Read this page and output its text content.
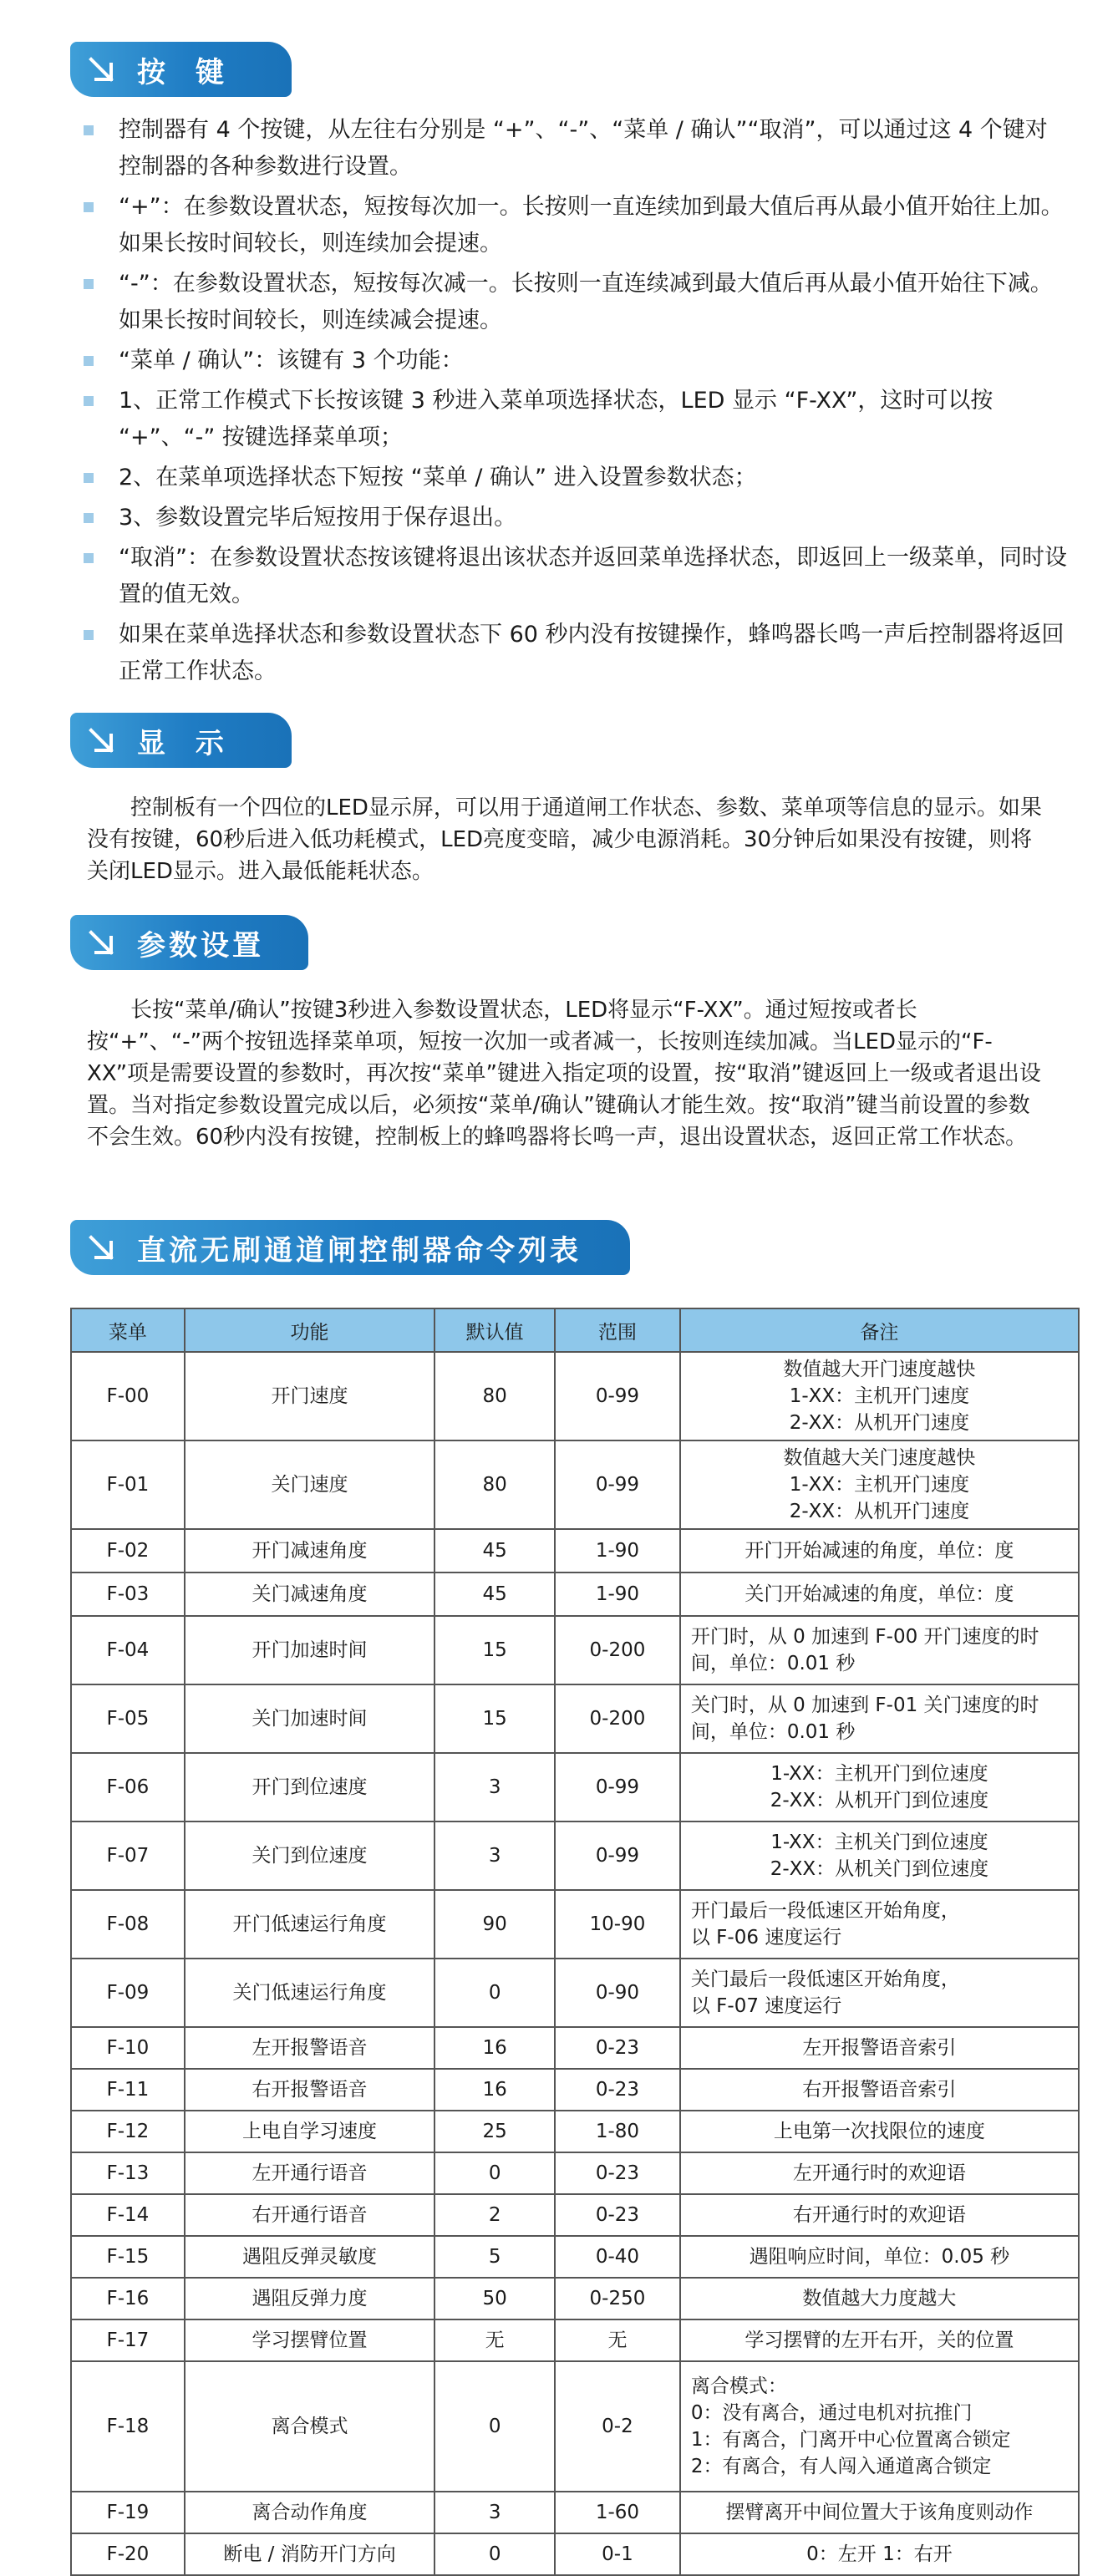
按 键
控制器有 4 个按键，从左往右分别是 “+”、“-”、“菜单 / 确认”“取消”，可以通过这 4 个键对控制器的各种参数进行设置。
“+”：在参数设置状态，短按每次加一。长按则一直连续加到最大值后再从最小值开始往上加。如果长按时间较长，则连续加会提速。
“-”：在参数设置状态，短按每次减一。长按则一直连续减到最大值后再从最小值开始往下减。如果长按时间较长，则连续减会提速。
“菜单 / 确认”：该键有 3 个功能：
1、正常工作模式下长按该键 3 秒进入菜单项选择状态，LED 显示 “F-XX”，这时可以按 “+”、“-” 按键选择菜单项；
2、在菜单项选择状态下短按 “菜单 / 确认” 进入设置参数状态；
3、参数设置完毕后短按用于保存退出。
“取消”：在参数设置状态按该键将退出该状态并返回菜单选择状态，即返回上一级菜单，同时设置的值无效。
如果在菜单选择状态和参数设置状态下 60 秒内没有按键操作，蜂鸣器长鸣一声后控制器将返回正常工作状态。
显 示

控制板有一个四位的LED显示屏，可以用于通道闸工作状态、参数、菜单项等信息的显示。如果没有按键，60秒后进入低功耗模式，LED亮度变暗，减少电源消耗。30分钟后如果没有按键，则将关闭LED显示。进入最低能耗状态。

参数设置

长按“菜单/确认”按键3秒进入参数设置状态，LED将显示“F-XX”。通过短按或者长按“+”、“-”两个按钮选择菜单项，短按一次加一或者减一，长按则连续加减。当LED显示的“F-XX”项是需要设置的参数时，再次按“菜单”键进入指定项的设置，按“取消”键返回上一级或者退出设置。当对指定参数设置完成以后，必须按“菜单/确认”键确认才能生效。按“取消”键当前设置的参数不会生效。60秒内没有按键，控制板上的蜂鸣器将长鸣一声，退出设置状态，返回正常工作状态。

直流无刷通道闸控制器命令列表
菜单	功能	默认值	范围	备注
F-00	开门速度	80	0-99	数值越大开门速度越快
1-XX：主机开门速度
2-XX：从机开门速度
F-01	关门速度	80	0-99	数值越大关门速度越快
1-XX：主机开门速度
2-XX：从机开门速度
F-02	开门减速角度	45	1-90	开门开始减速的角度，单位：度
F-03	关门减速角度	45	1-90	关门开始减速的角度，单位：度
F-04	开门加速时间	15	0-200	开门时，从 0 加速到 F-00 开门速度的时间，单位：0.01 秒
F-05	关门加速时间	15	0-200	关门时，从 0 加速到 F-01 关门速度的时间，单位：0.01 秒
F-06	开门到位速度	3	0-99	1-XX：主机开门到位速度
2-XX：从机开门到位速度
F-07	关门到位速度	3	0-99	1-XX：主机关门到位速度
2-XX：从机关门到位速度
F-08	开门低速运行角度	90	10-90	开门最后一段低速区开始角度，
以 F-06 速度运行
F-09	关门低速运行角度	0	0-90	关门最后一段低速区开始角度，
以 F-07 速度运行
F-10	左开报警语音	16	0-23	左开报警语音索引
F-11	右开报警语音	16	0-23	右开报警语音索引
F-12	上电自学习速度	25	1-80	上电第一次找限位的速度
F-13	左开通行语音	0	0-23	左开通行时的欢迎语
F-14	右开通行语音	2	0-23	右开通行时的欢迎语
F-15	遇阻反弹灵敏度	5	0-40	遇阻响应时间，单位：0.05 秒
F-16	遇阻反弹力度	50	0-250	数值越大力度越大
F-17	学习摆臂位置	无	无	学习摆臂的左开右开，关的位置
F-18	离合模式	0	0-2	离合模式：
0：没有离合，通过电机对抗推门
1：有离合，门离开中心位置离合锁定
2：有离合，有人闯入通道离合锁定
F-19	离合动作角度	3	1-60	摆臂离开中间位置大于该角度则动作
F-20	断电 / 消防开门方向	0	0-1	0：左开 1：右开
